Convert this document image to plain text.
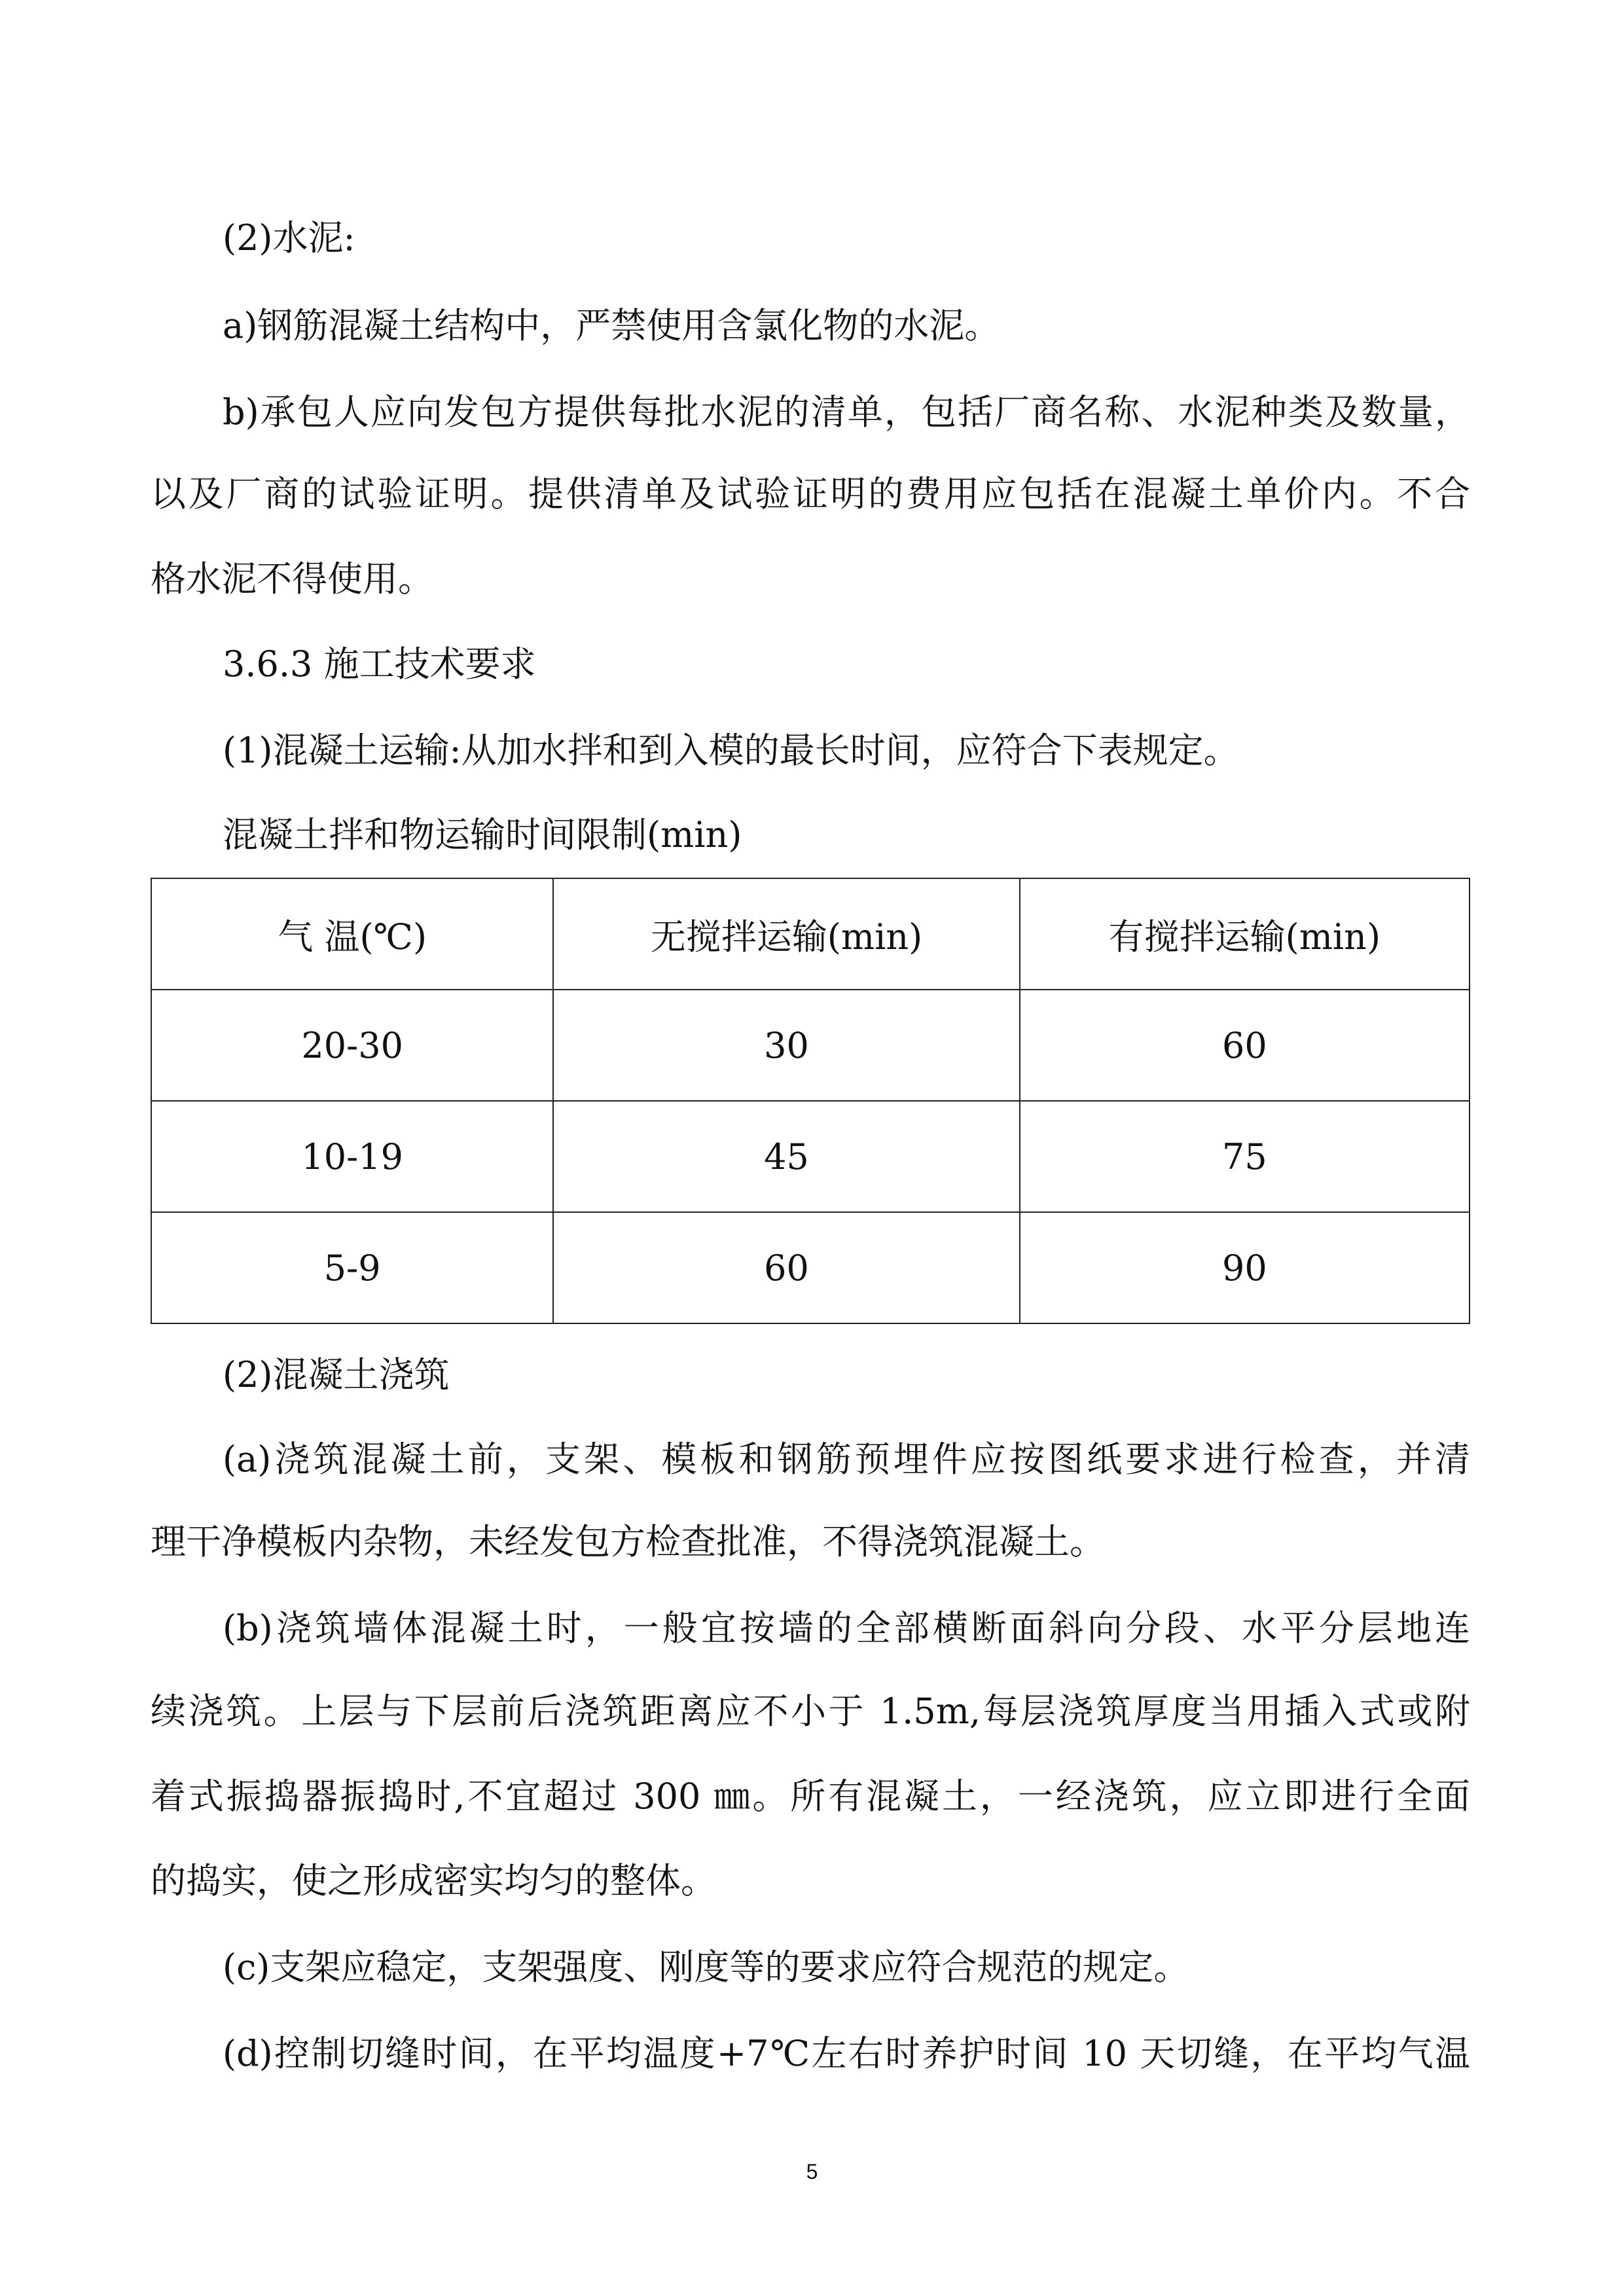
(2)水泥:
a)钢筋混凝土结构中，严禁使用含氯化物的水泥。
b)承包人应向发包方提供每批水泥的清单，包括厂商名称、水泥种类及数量，
以及厂商的试验证明。提供清单及试验证明的费用应包括在混凝土单价内。不合
格水泥不得使用。
3.6.3 施工技术要求
(1)混凝土运输:从加水拌和到入模的最长时间，应符合下表规定。
混凝土拌和物运输时间限制(min)
气 温(℃)	无搅拌运输(min)	有搅拌运输(min)
20-30	30	60
10-19	45	75
5-9	60	90
(2)混凝土浇筑
(a)浇筑混凝土前，支架、模板和钢筋预埋件应按图纸要求进行检查，并清
理干净模板内杂物，未经发包方检查批准，不得浇筑混凝土。
(b)浇筑墙体混凝土时，一般宜按墙的全部横断面斜向分段、水平分层地连
续浇筑。上层与下层前后浇筑距离应不小于 1.5m,每层浇筑厚度当用插入式或附
着式振捣器振捣时,不宜超过 300 ㎜。所有混凝土，一经浇筑，应立即进行全面
的捣实，使之形成密实均匀的整体。
(c)支架应稳定，支架强度、刚度等的要求应符合规范的规定。
(d)控制切缝时间，在平均温度+7℃左右时养护时间 10 天切缝，在平均气温
5
